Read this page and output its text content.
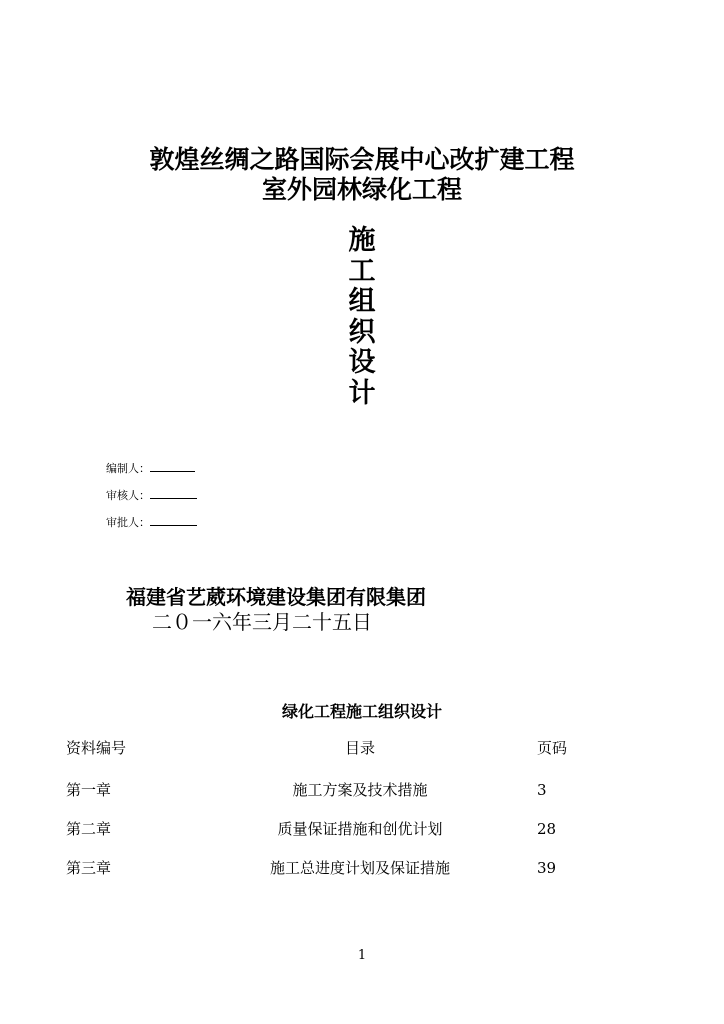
敦煌丝绸之路国际会展中心改扩建工程
室外园林绿化工程
施
工
组
织
设
计
编制人：
审核人：
审批人：
福建省艺葳环境建设集团有限集团
二０一六年三月二十五日
绿化工程施工组织设计
资料编号	目录	页码
第一章	施工方案及技术措施	3
第二章	质量保证措施和创优计划	28
第三章	施工总进度计划及保证措施	39
1
